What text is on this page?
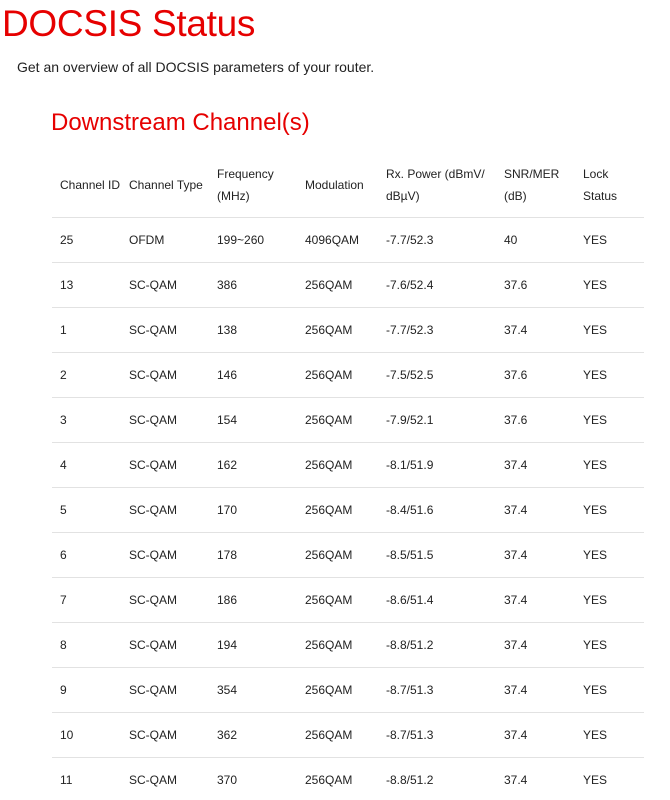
DOCSIS Status

Get an overview of all DOCSIS parameters of your router.

Downstream Channel(s)
Channel ID	Channel Type	Frequency (MHz)	Modulation	Rx. Power (dBmV/ dBµV)	SNR/MER (dB)	Lock Status
25	OFDM	199~260	4096QAM	-7.7/52.3	40	YES
13	SC-QAM	386	256QAM	-7.6/52.4	37.6	YES
1	SC-QAM	138	256QAM	-7.7/52.3	37.4	YES
2	SC-QAM	146	256QAM	-7.5/52.5	37.6	YES
3	SC-QAM	154	256QAM	-7.9/52.1	37.6	YES
4	SC-QAM	162	256QAM	-8.1/51.9	37.4	YES
5	SC-QAM	170	256QAM	-8.4/51.6	37.4	YES
6	SC-QAM	178	256QAM	-8.5/51.5	37.4	YES
7	SC-QAM	186	256QAM	-8.6/51.4	37.4	YES
8	SC-QAM	194	256QAM	-8.8/51.2	37.4	YES
9	SC-QAM	354	256QAM	-8.7/51.3	37.4	YES
10	SC-QAM	362	256QAM	-8.7/51.3	37.4	YES
11	SC-QAM	370	256QAM	-8.8/51.2	37.4	YES
